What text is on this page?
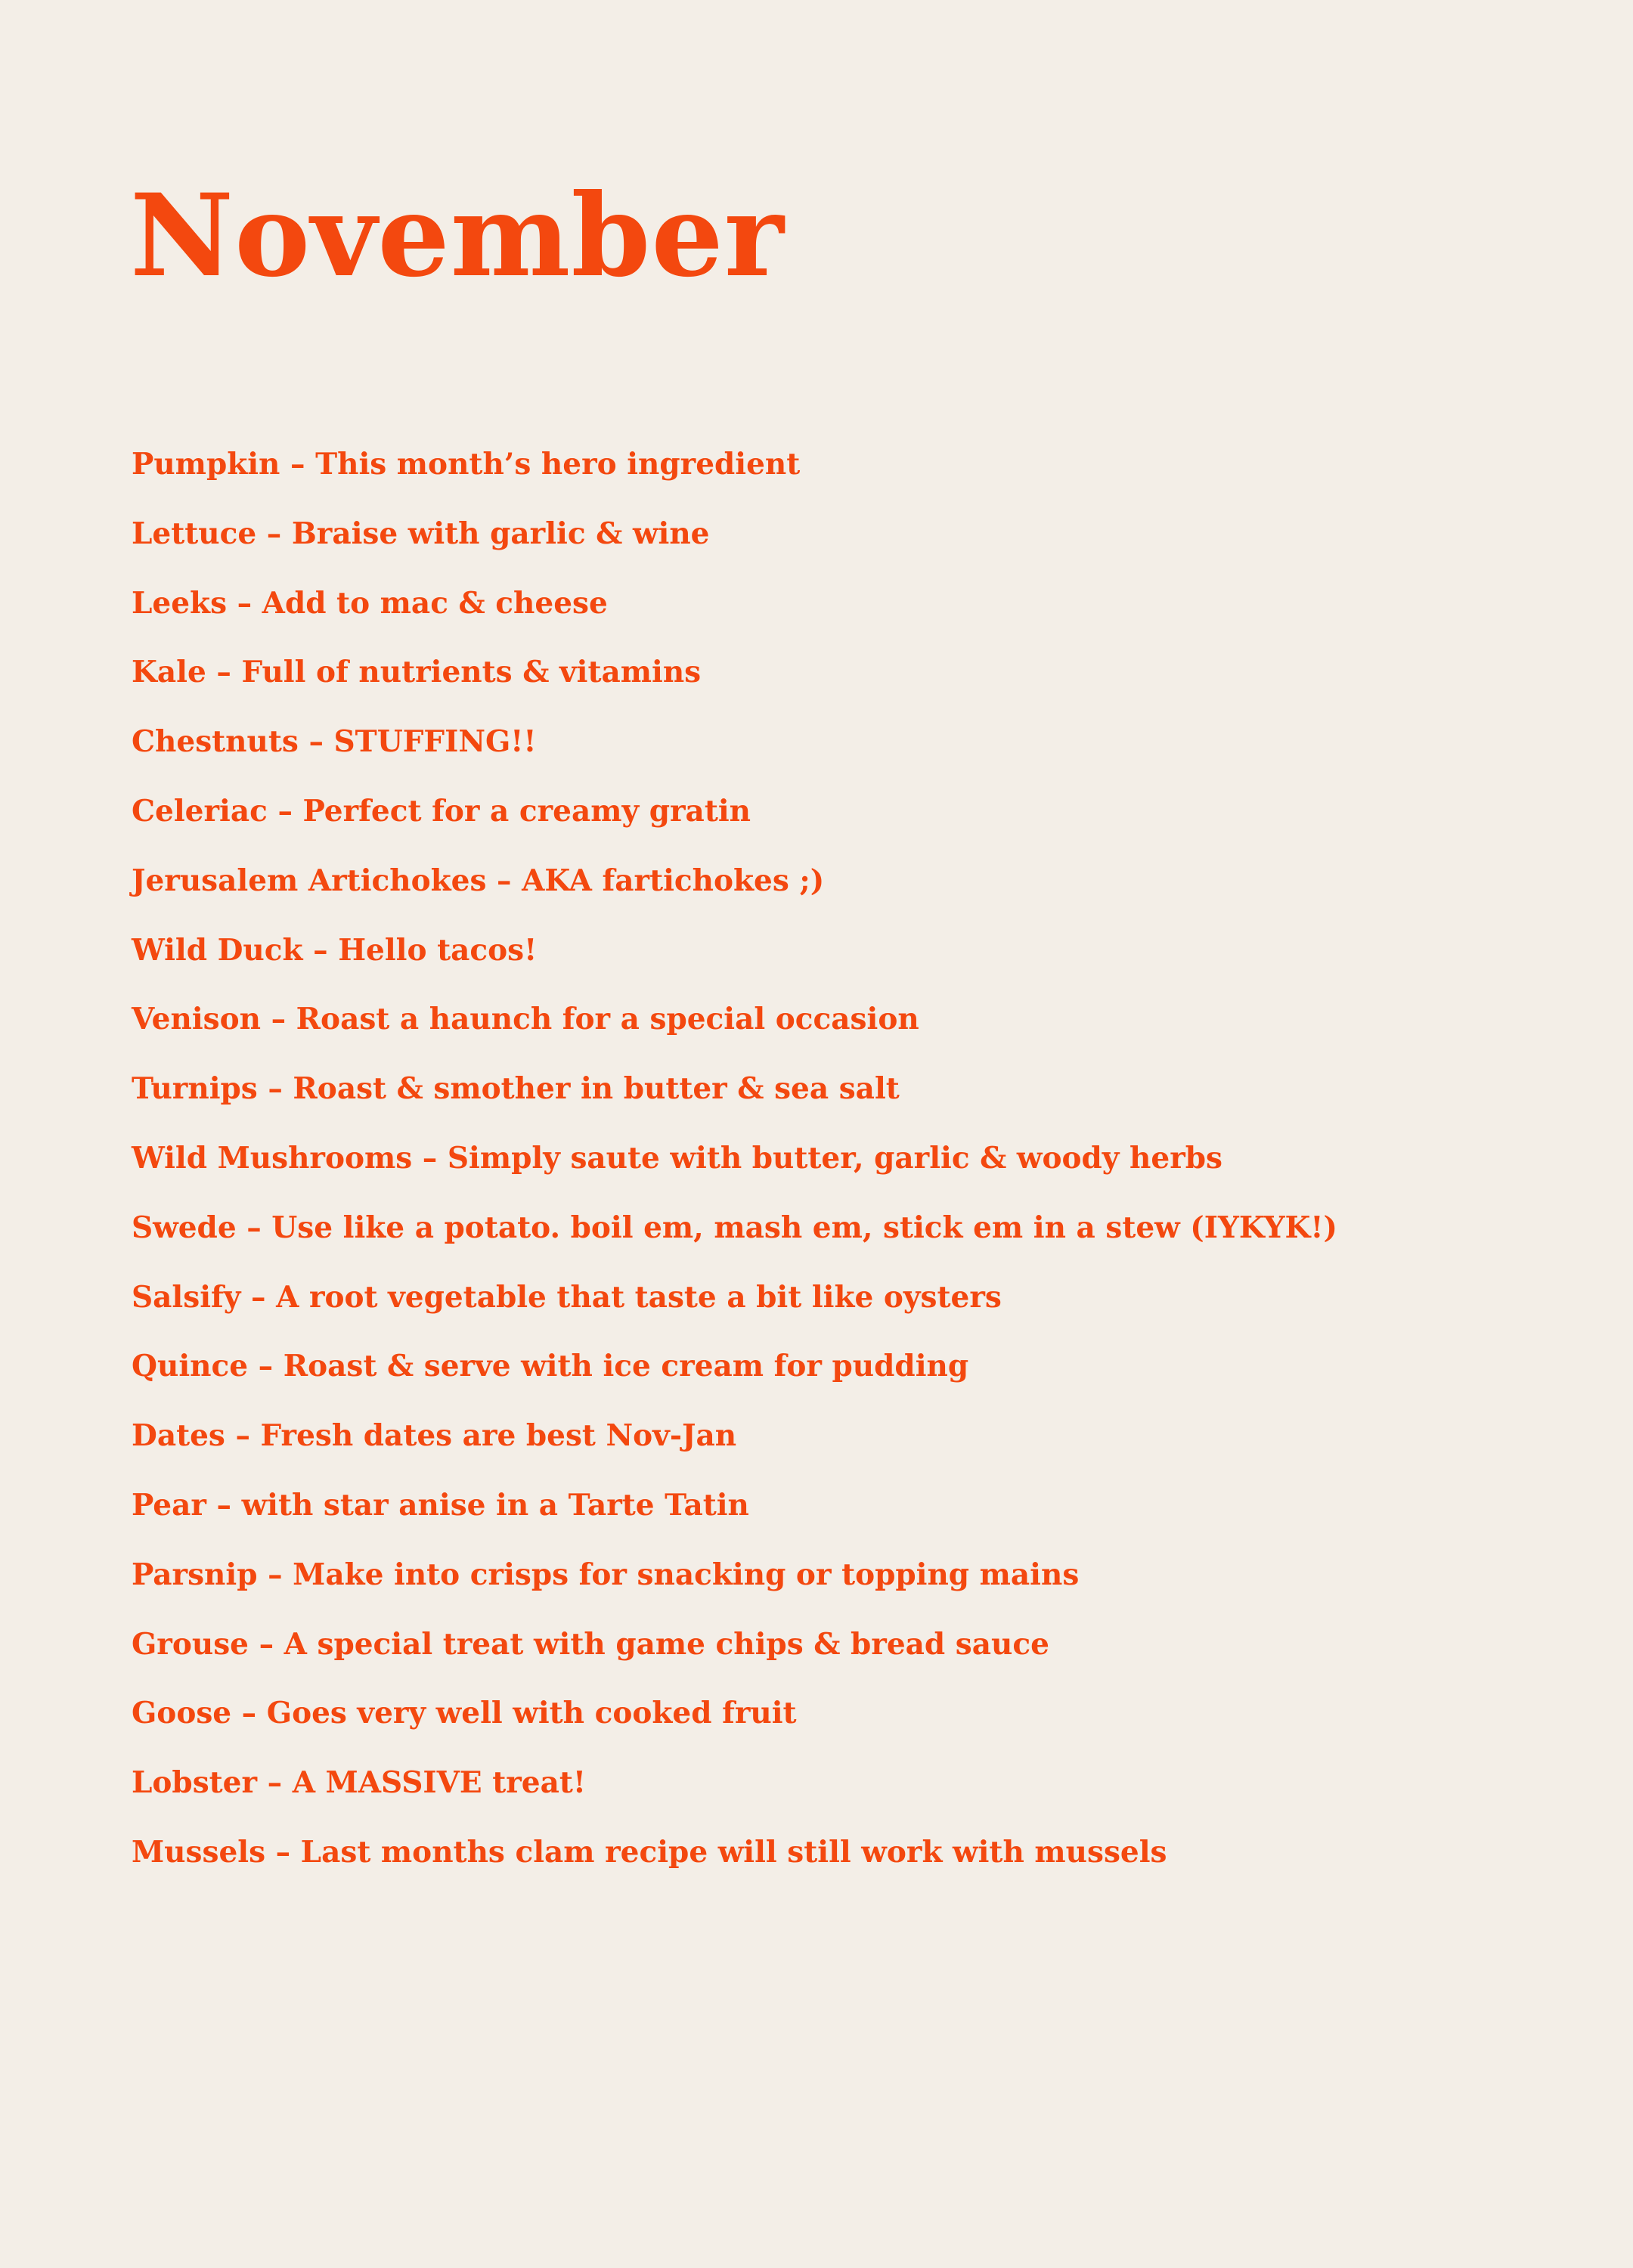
November
Pumpkin – This month’s hero ingredient
Lettuce – Braise with garlic & wine
Leeks – Add to mac & cheese
Kale – Full of nutrients & vitamins
Chestnuts – STUFFING!!
Celeriac – Perfect for a creamy gratin
Jerusalem Artichokes – AKA fartichokes ;)
Wild Duck – Hello tacos!
Venison – Roast a haunch for a special occasion
Turnips – Roast & smother in butter & sea salt
Wild Mushrooms – Simply saute with butter, garlic & woody herbs
Swede – Use like a potato. boil em, mash em, stick em in a stew (IYKYK!)
Salsify – A root vegetable that taste a bit like oysters
Quince – Roast & serve with ice cream for pudding
Dates – Fresh dates are best Nov-Jan
Pear – with star anise in a Tarte Tatin
Parsnip – Make into crisps for snacking or topping mains
Grouse – A special treat with game chips & bread sauce
Goose – Goes very well with cooked fruit
Lobster – A MASSIVE treat!
Mussels – Last months clam recipe will still work with mussels
